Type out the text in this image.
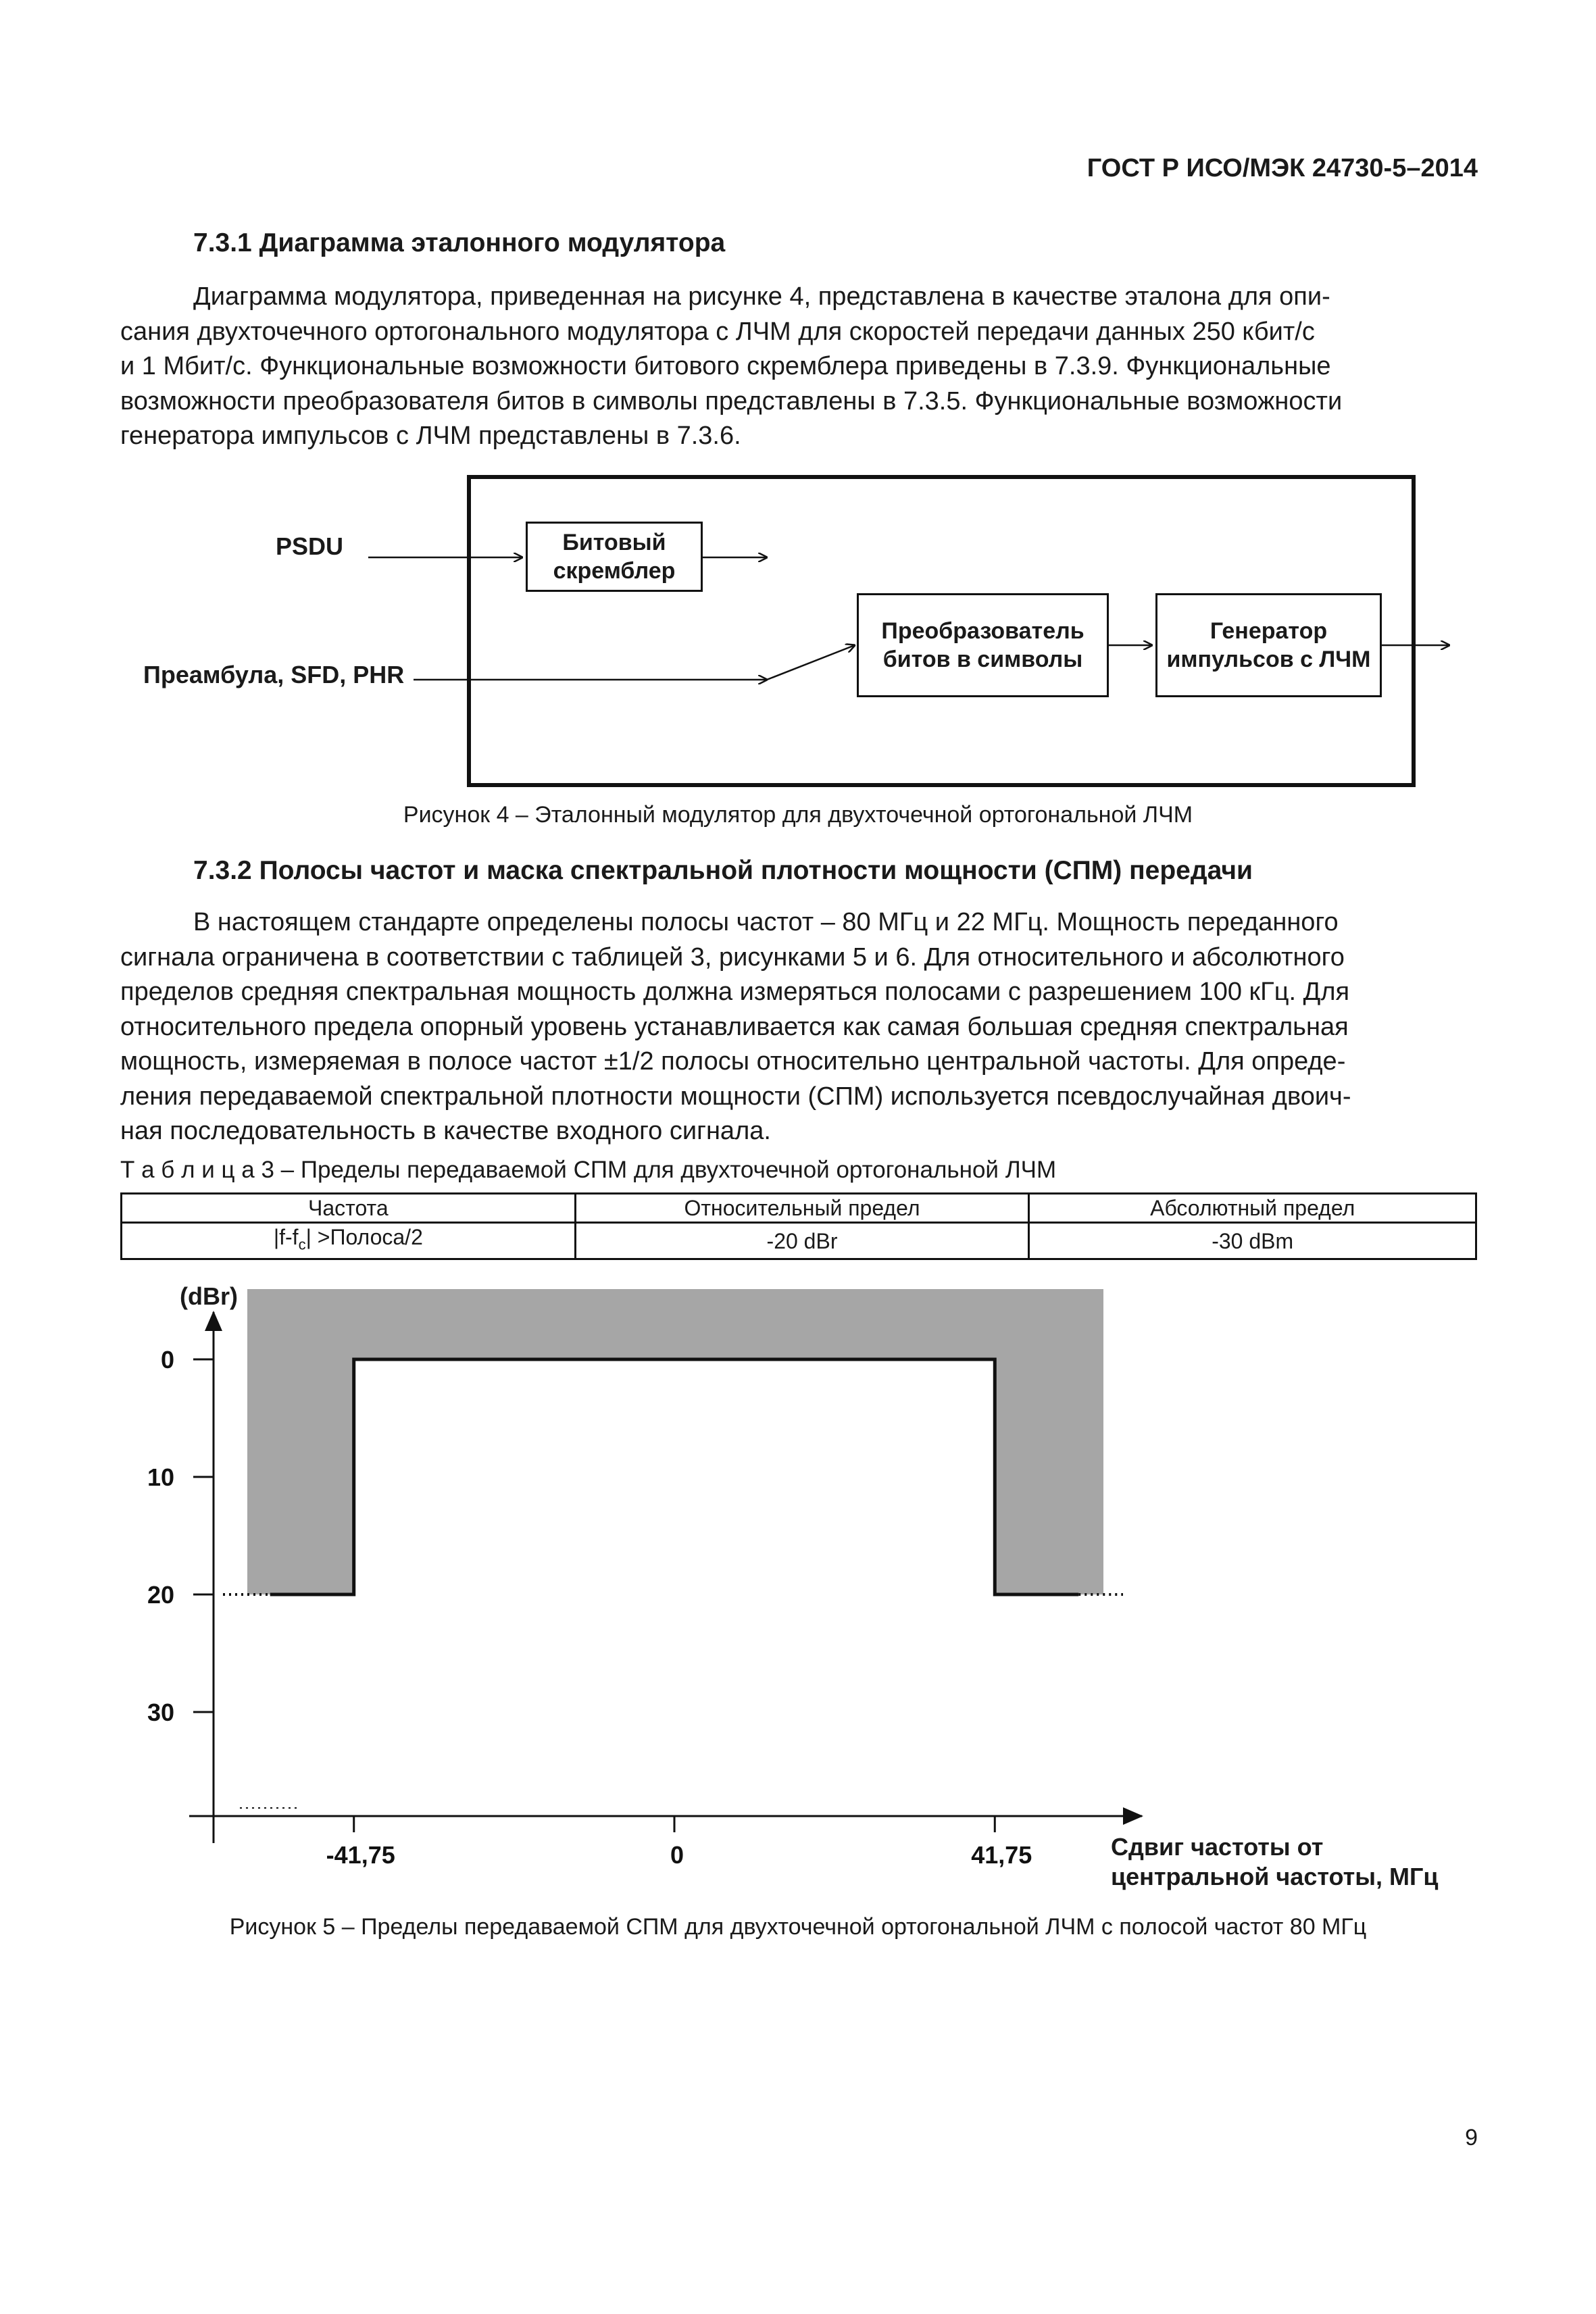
ГОСТ Р ИСО/МЭК 24730-5–2014
7.3.1 Диаграмма эталонного модулятора
Диаграмма модулятора, приведенная на рисунке 4, представлена в качестве эталона для опи-
сания двухточечного ортогонального модулятора с ЛЧМ для скоростей передачи данных 250 кбит/с
и 1 Мбит/с. Функциональные возможности битового скремблера приведены в 7.3.9. Функциональные
возможности преобразователя битов в символы представлены в 7.3.5. Функциональные возможности
генератора импульсов с ЛЧМ представлены в 7.3.6.
PSDU
Преамбула, SFD, PHR
Битовый
скремблер
Преобразователь
битов в символы
Генератор
импульсов с ЛЧМ
Рисунок 4 – Эталонный модулятор для двухточечной ортогональной ЛЧМ
7.3.2 Полосы частот и маска спектральной плотности мощности (СПМ) передачи
В настоящем стандарте определены полосы частот – 80 МГц и 22 МГц. Мощность переданного
сигнала ограничена в соответствии с таблицей 3, рисунками 5 и 6. Для относительного и абсолютного
пределов средняя спектральная мощность должна измеряться полосами с разрешением 100 кГц. Для
относительного предела опорный уровень устанавливается как самая большая средняя спектральная
мощность, измеряемая в полосе частот ±1/2 полосы относительно центральной частоты. Для опреде-
ления передаваемой спектральной плотности мощности (СПМ) используется псевдослучайная двоич-
ная последовательность в качестве входного сигнала.
Т а б л и ц а 3 – Пределы передаваемой СПМ для двухточечной ортогональной ЛЧМ
Частота	Относительный предел	Абсолютный предел
$|f-f_c|$ >Полоса/2	-20 dBr	-30 dBm
0
10
20
30
-41,75	0	41,75
(dBr)
Сдвиг частоты от
центральной частоты, МГц
Рисунок 5 – Пределы передаваемой СПМ для двухточечной ортогональной ЛЧМ с полосой частот 80 МГц
9
